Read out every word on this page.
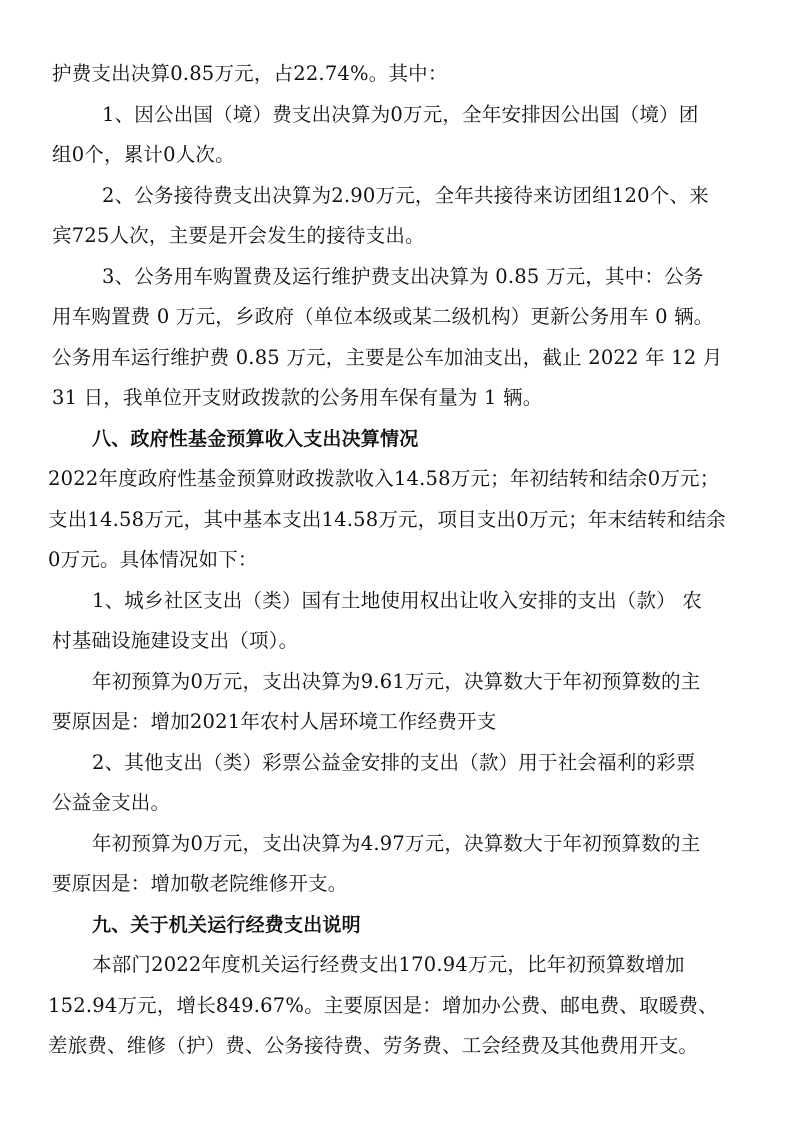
护费支出决算0.85万元，占22.74%。其中：
1、因公出国（境）费支出决算为0万元，全年安排因公出国（境）团
组0个，累计0人次。
2、公务接待费支出决算为2.90万元，全年共接待来访团组120个、来
宾725人次，主要是开会发生的接待支出。
3、公务用车购置费及运行维护费支出决算为 0.85 万元，其中：公务
用车购置费 0 万元，乡政府（单位本级或某二级机构）更新公务用车 0 辆。
公务用车运行维护费 0.85 万元，主要是公车加油支出，截止 2022 年 12 月
31 日，我单位开支财政拨款的公务用车保有量为 1 辆。
八、政府性基金预算收入支出决算情况
2022年度政府性基金预算财政拨款收入14.58万元；年初结转和结余0万元；
支出14.58万元，其中基本支出14.58万元，项目支出0万元；年末结转和结余
0万元。具体情况如下：
1、城乡社区支出（类）国有土地使用权出让收入安排的支出（款） 农
村基础设施建设支出（项）。
年初预算为0万元，支出决算为9.61万元，决算数大于年初预算数的主
要原因是：增加2021年农村人居环境工作经费开支
2、其他支出（类）彩票公益金安排的支出（款）用于社会福利的彩票
公益金支出。
年初预算为0万元，支出决算为4.97万元，决算数大于年初预算数的主
要原因是：增加敬老院维修开支。
九、关于机关运行经费支出说明
本部门2022年度机关运行经费支出170.94万元，比年初预算数增加
152.94万元，增长849.67%。主要原因是：增加办公费、邮电费、取暖费、
差旅费、维修（护）费、公务接待费、劳务费、工会经费及其他费用开支。
